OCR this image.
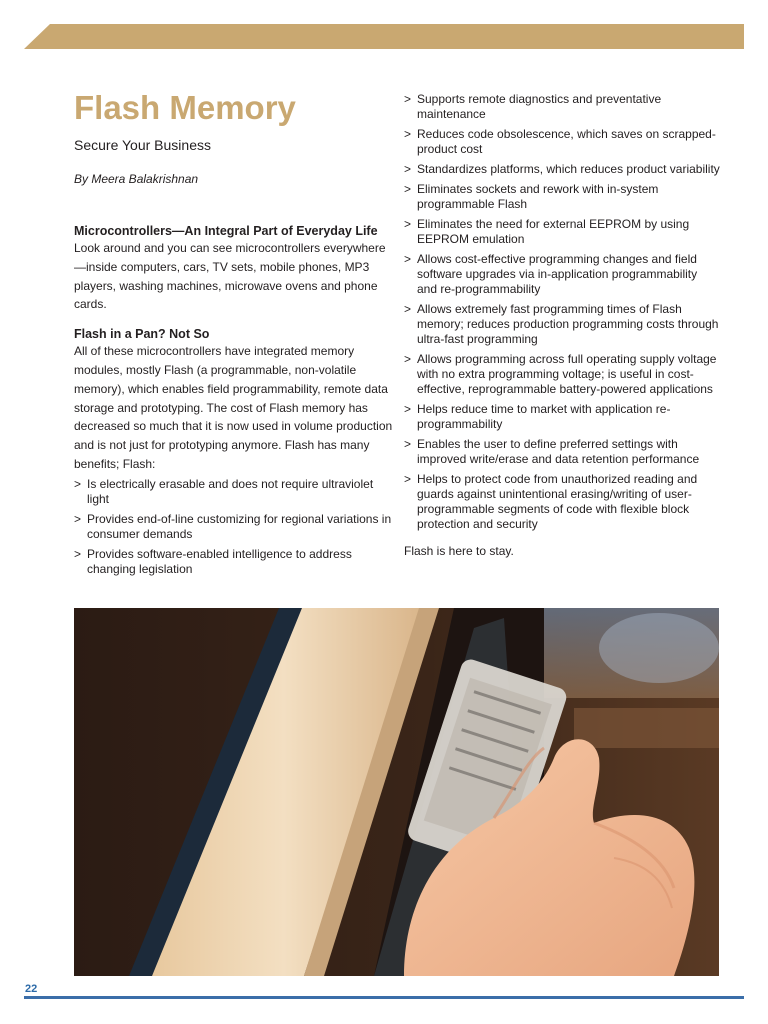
Flash Memory

Secure Your Business

By Meera Balakrishnan

Microcontrollers—An Integral Part of Everyday Life

Look around and you can see microcontrollers everywhere—inside computers, cars, TV sets, mobile phones, MP3 players, washing machines, microwave ovens and phone cards.

Flash in a Pan? Not So

All of these microcontrollers have integrated memory modules, mostly Flash (a programmable, non-volatile memory), which enables field programmability, remote data storage and prototyping. The cost of Flash memory has decreased so much that it is now used in volume production and is not just for prototyping anymore. Flash has many benefits; Flash:

> Is electrically erasable and does not require ultraviolet light
> Provides end-of-line customizing for regional variations in consumer demands
> Provides software-enabled intelligence to address changing legislation
> Supports remote diagnostics and preventative maintenance
> Reduces code obsolescence, which saves on scrapped-product cost
> Standardizes platforms, which reduces product variability
> Eliminates sockets and rework with in-system programmable Flash
> Eliminates the need for external EEPROM by using EEPROM emulation
> Allows cost-effective programming changes and field software upgrades via in-application programmability and re-programmability
> Allows extremely fast programming times of Flash memory; reduces production programming costs through ultra-fast programming
> Allows programming across full operating supply voltage with no extra programming voltage; is useful in cost-effective, reprogrammable battery-powered applications
> Helps reduce time to market with application re-programmability
> Enables the user to define preferred settings with improved write/erase and data retention performance
> Helps to protect code from unauthorized reading and guards against unintentional erasing/writing of user-programmable segments of code with flexible block protection and security

Flash is here to stay.

22
